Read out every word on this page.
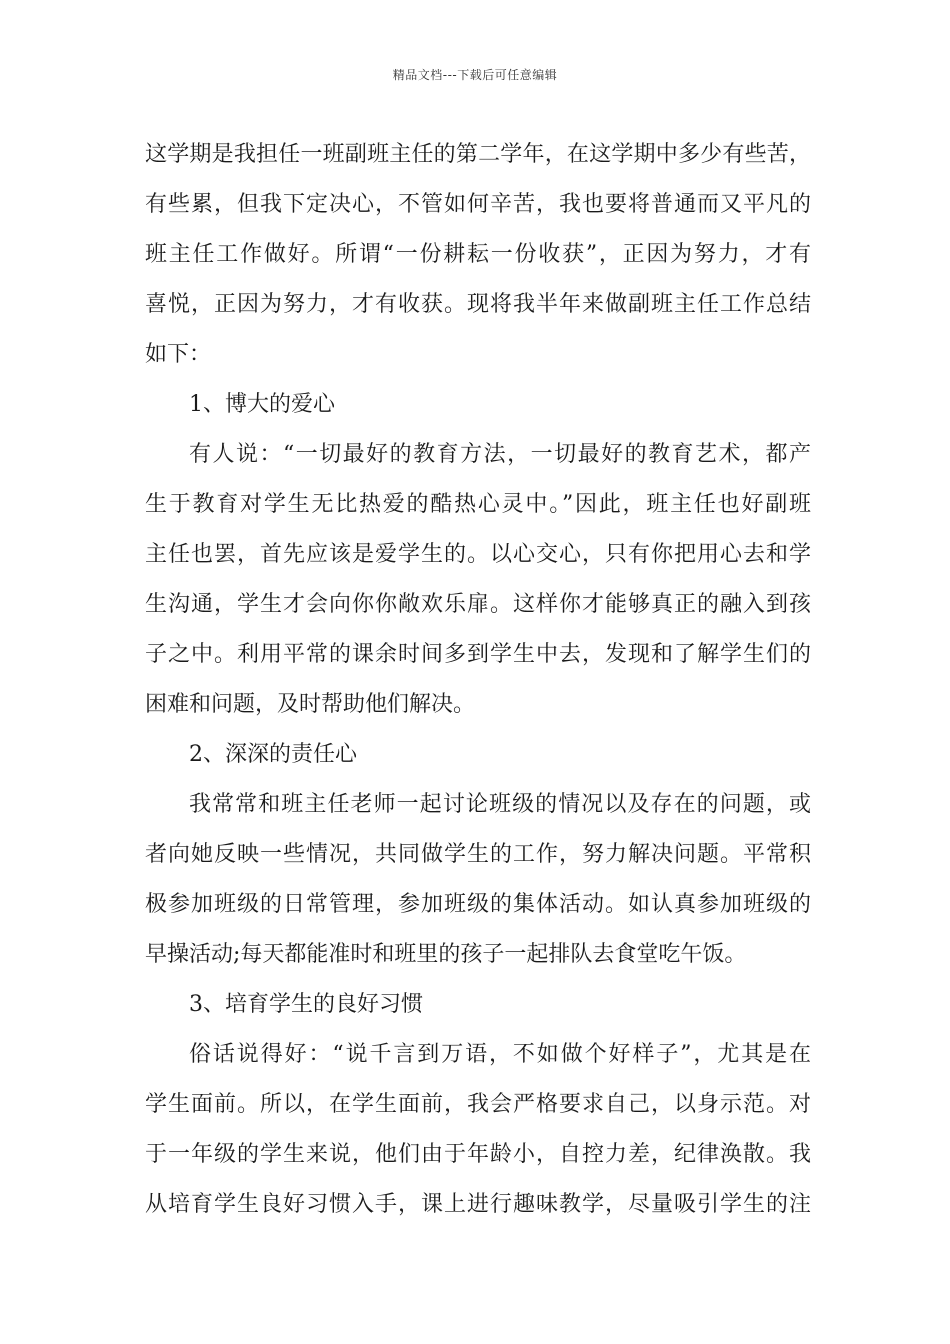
精品文档---下载后可任意编辑
这学期是我担任一班副班主任的第二学年，在这学期中多少有些苦，
有些累，但我下定决心，不管如何辛苦，我也要将普通而又平凡的
班主任工作做好。所谓“一份耕耘一份收获”，正因为努力，才有
喜悦，正因为努力，才有收获。现将我半年来做副班主任工作总结
如下：
1、博大的爱心
有人说：“一切最好的教育方法，一切最好的教育艺术，都产
生于教育对学生无比热爱的酷热心灵中。”因此，班主任也好副班
主任也罢，首先应该是爱学生的。以心交心，只有你把用心去和学
生沟通，学生才会向你你敞欢乐扉。这样你才能够真正的融入到孩
子之中。利用平常的课余时间多到学生中去，发现和了解学生们的
困难和问题，及时帮助他们解决。
2、深深的责任心
我常常和班主任老师一起讨论班级的情况以及存在的问题，或
者向她反映一些情况，共同做学生的工作，努力解决问题。平常积
极参加班级的日常管理，参加班级的集体活动。如认真参加班级的
早操活动;每天都能准时和班里的孩子一起排队去食堂吃午饭。
3、培育学生的良好习惯
俗话说得好：“说千言到万语，不如做个好样子”，尤其是在
学生面前。所以，在学生面前，我会严格要求自己，以身示范。对
于一年级的学生来说，他们由于年龄小，自控力差，纪律涣散。我
从培育学生良好习惯入手，课上进行趣味教学，尽量吸引学生的注
